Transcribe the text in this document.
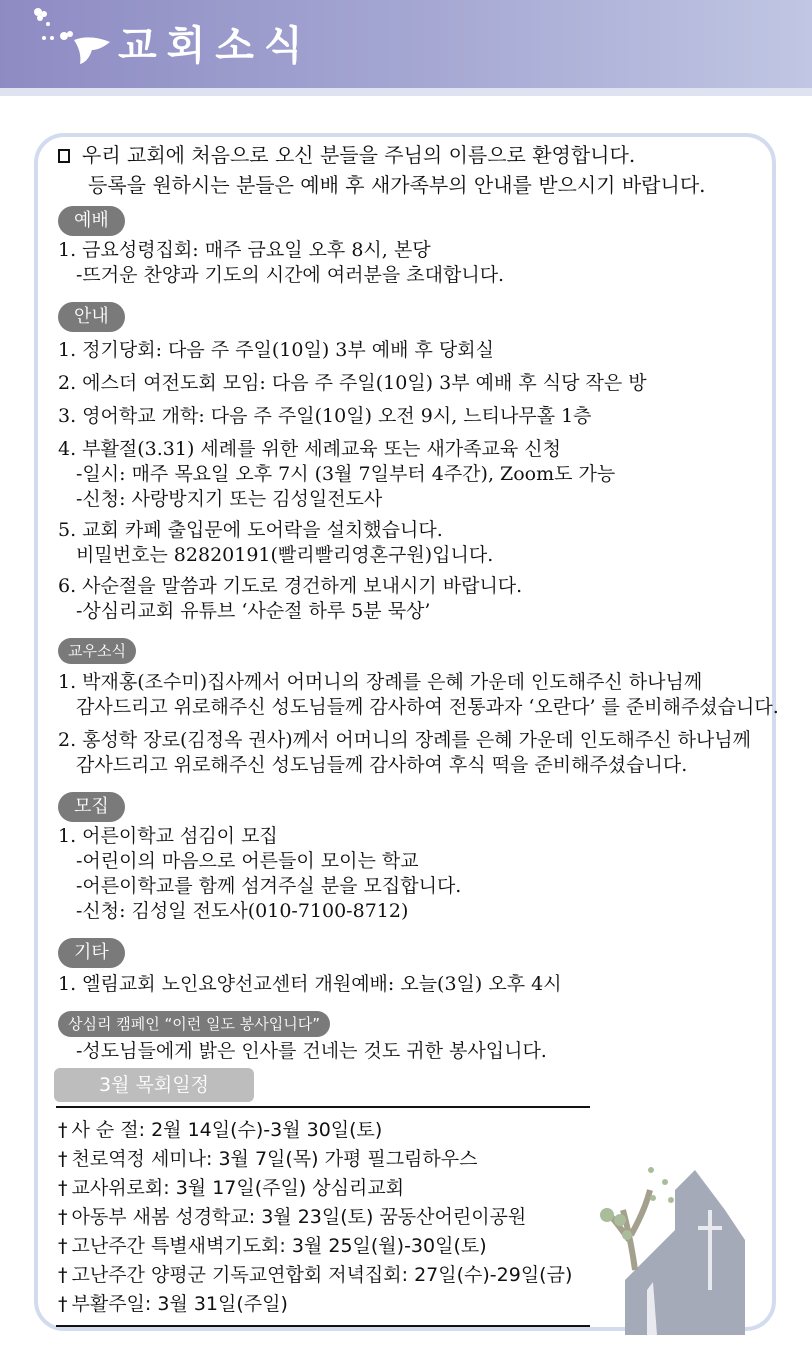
교회소식
우리 교회에 처음으로 오신 분들을 주님의 이름으로 환영합니다.
등록을 원하시는 분들은 예배 후 새가족부의 안내를 받으시기 바랍니다.
예배
1. 금요성령집회: 매주 금요일 오후 8시, 본당
-뜨거운 찬양과 기도의 시간에 여러분을 초대합니다.
안내
1. 정기당회: 다음 주 주일(10일) 3부 예배 후 당회실
2. 에스더 여전도회 모임: 다음 주 주일(10일) 3부 예배 후 식당 작은 방
3. 영어학교 개학: 다음 주 주일(10일) 오전 9시, 느티나무홀 1층
4. 부활절(3.31) 세례를 위한 세례교육 또는 새가족교육 신청
-일시: 매주 목요일 오후 7시 (3월 7일부터 4주간), Zoom도 가능
-신청: 사랑방지기 또는 김성일전도사
5. 교회 카페 출입문에 도어락을 설치했습니다.
비밀번호는 82820191(빨리빨리영혼구원)입니다.
6. 사순절을 말씀과 기도로 경건하게 보내시기 바랍니다.
-상심리교회 유튜브 ‘사순절 하루 5분 묵상’
교우소식
1. 박재홍(조수미)집사께서 어머니의 장례를 은혜 가운데 인도해주신 하나님께
감사드리고 위로해주신 성도님들께 감사하여 전통과자 ‘오란다’ 를 준비해주셨습니다.
2. 홍성학 장로(김정옥 권사)께서 어머니의 장례를 은혜 가운데 인도해주신 하나님께
감사드리고 위로해주신 성도님들께 감사하여 후식 떡을 준비해주셨습니다.
모집
1. 어른이학교 섬김이 모집
-어린이의 마음으로 어른들이 모이는 학교
-어른이학교를 함께 섬겨주실 분을 모집합니다.
-신청: 김성일 전도사(010-7100-8712)
기타
1. 엘림교회 노인요양선교센터 개원예배: 오늘(3일) 오후 4시
상심리 캠페인 “이런 일도 봉사입니다”
-성도님들에게 밝은 인사를 건네는 것도 귀한 봉사입니다.
3월 목회일정
† 사 순 절: 2월 14일(수)-3월 30일(토)
† 천로역정 세미나: 3월 7일(목) 가평 필그림하우스
† 교사위로회: 3월 17일(주일) 상심리교회
† 아동부 새봄 성경학교: 3월 23일(토) 꿈동산어린이공원
† 고난주간 특별새벽기도회: 3월 25일(월)-30일(토)
† 고난주간 양평군 기독교연합회 저녁집회: 27일(수)-29일(금)
† 부활주일: 3월 31일(주일)
